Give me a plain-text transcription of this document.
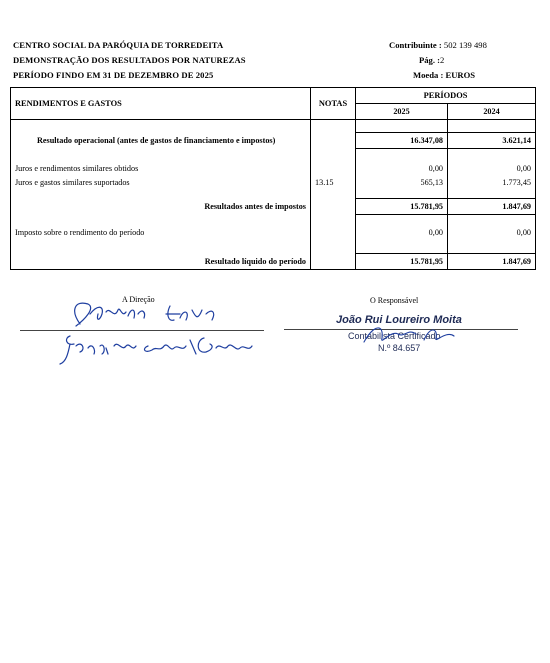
CENTRO SOCIAL DA PARÓQUIA DE TORREDEITA
DEMONSTRAÇÃO DOS RESULTADOS POR NATUREZAS
PERÍODO FINDO EM 31 DE DEZEMBRO DE 2025
Contribuinte : 502 139 498
Pág. :2
Moeda : EUROS
RENDIMENTOS E GASTOS	NOTAS	PERÍODOS	
		2025	2024

Resultado operacional (antes de gastos de financiamento e impostos)		16.347,08	3.621,14

Juros e rendimentos similares obtidos		0,00	0,00
Juros e gastos similares suportados	13.15	565,13	1.773,45

Resultados antes de impostos		15.781,95	1.847,69

Imposto sobre o rendimento do período		0,00	0,00

Resultado líquido do período		15.781,95	1.847,69
A Direção	O Responsável
João Rui Loureiro Moita
Contabilista Certificado
N.º 84.657
